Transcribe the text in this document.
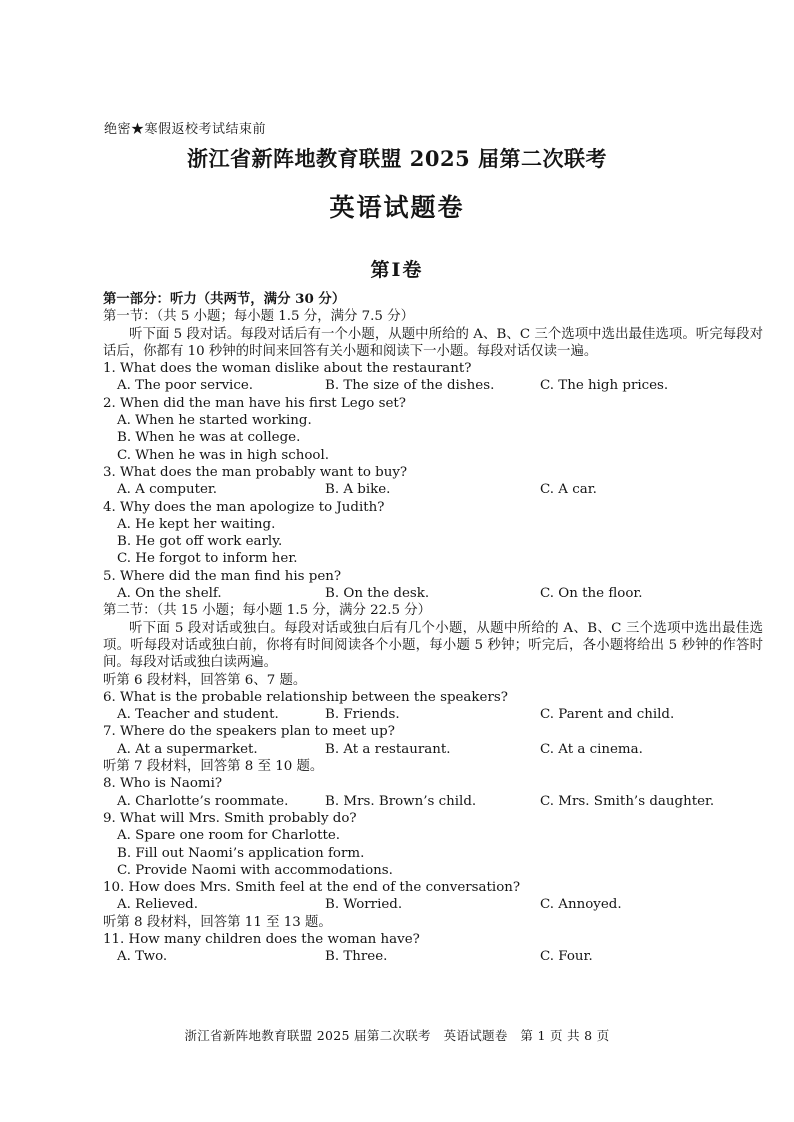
绝密★寒假返校考试结束前
浙江省新阵地教育联盟 2025 届第二次联考
英语试题卷
第Ⅰ卷
第一部分：听力（共两节，满分 30 分）
第一节：（共 5 小题；每小题 1.5 分，满分 7.5 分）
听下面 5 段对话。每段对话后有一个小题，从题中所给的 A、B、C 三个选项中选出最佳选项。听完每段对话后，你都有 10 秒钟的时间来回答有关小题和阅读下一小题。每段对话仅读一遍。
1. What does the woman dislike about the restaurant?
A. The poor service.	B. The size of the dishes.	C. The high prices.
2. When did the man have his first Lego set?
A. When he started working.
B. When he was at college.
C. When he was in high school.
3. What does the man probably want to buy?
A. A computer.	B. A bike.	C. A car.
4. Why does the man apologize to Judith?
A. He kept her waiting.
B. He got off work early.
C. He forgot to inform her.
5. Where did the man find his pen?
A. On the shelf.	B. On the desk.	C. On the floor.
第二节：（共 15 小题；每小题 1.5 分，满分 22.5 分）
听下面 5 段对话或独白。每段对话或独白后有几个小题，从题中所给的 A、B、C 三个选项中选出最佳选项。听每段对话或独白前，你将有时间阅读各个小题，每小题 5 秒钟；听完后，各小题将给出 5 秒钟的作答时间。每段对话或独白读两遍。
听第 6 段材料，回答第 6、7 题。
6. What is the probable relationship between the speakers?
A. Teacher and student.	B. Friends.	C. Parent and child.
7. Where do the speakers plan to meet up?
A. At a supermarket.	B. At a restaurant.	C. At a cinema.
听第 7 段材料，回答第 8 至 10 题。
8. Who is Naomi?
A. Charlotte’s roommate.	B. Mrs. Brown’s child.	C. Mrs. Smith’s daughter.
9. What will Mrs. Smith probably do?
A. Spare one room for Charlotte.
B. Fill out Naomi’s application form.
C. Provide Naomi with accommodations.
10. How does Mrs. Smith feel at the end of the conversation?
A. Relieved.	B. Worried.	C. Annoyed.
听第 8 段材料，回答第 11 至 13 题。
11. How many children does the woman have?
A. Two.	B. Three.	C. Four.
浙江省新阵地教育联盟 2025 届第二次联考　英语试题卷　第 1 页 共 8 页
